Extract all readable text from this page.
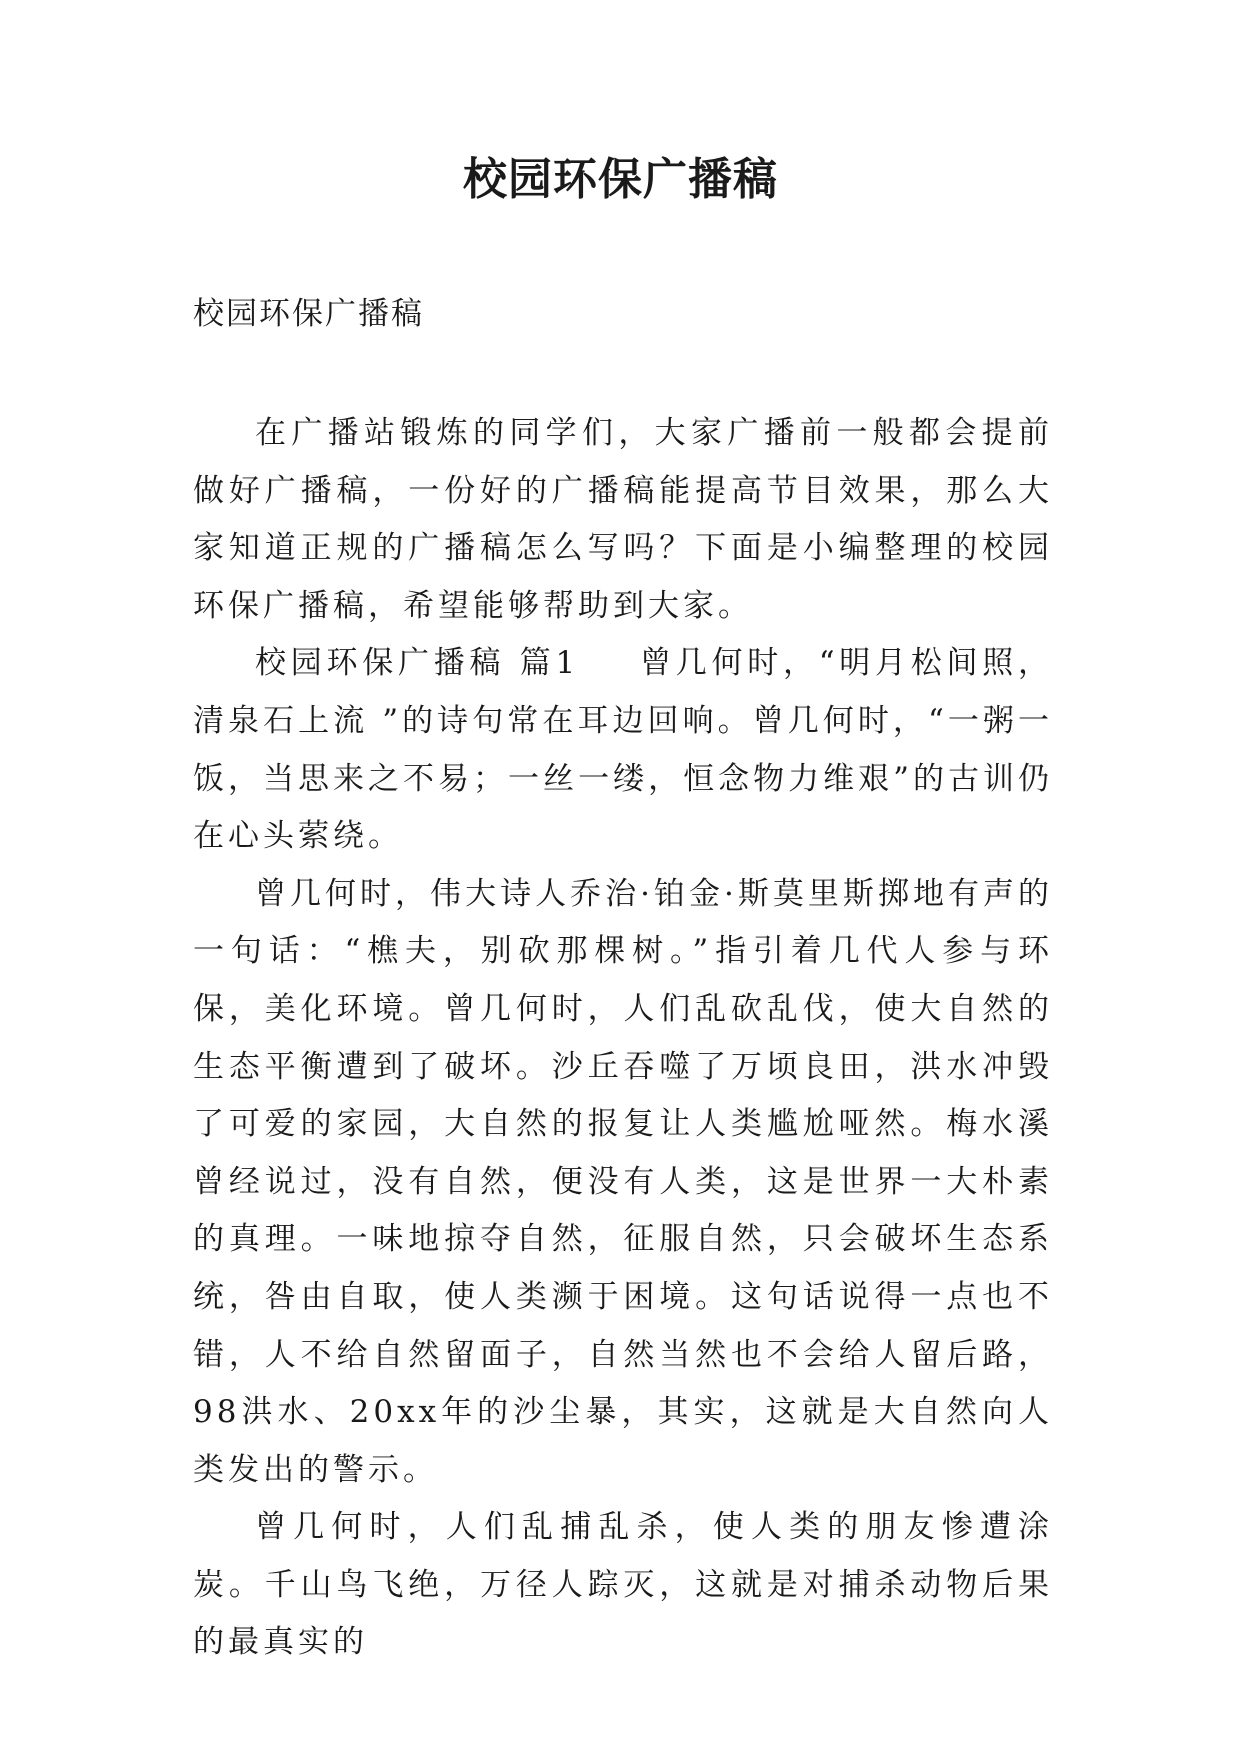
校园环保广播稿
校园环保广播稿

在广播站锻炼的同学们，大家广播前一般都会提前做好广播稿，一份好的广播稿能提高节目效果，那么大家知道正规的广播稿怎么写吗？下面是小编整理的校园环保广播稿，希望能够帮助到大家。

校园环保广播稿 篇1 曾几何时，“明月松间照，清泉石上流 ”的诗句常在耳边回响。曾几何时，“一粥一饭，当思来之不易；一丝一缕，恒念物力维艰”的古训仍在心头萦绕。

曾几何时，伟大诗人乔治·铂金·斯莫里斯掷地有声的一句话：“樵夫，别砍那棵树。”指引着几代人参与环保，美化环境。曾几何时，人们乱砍乱伐，使大自然的生态平衡遭到了破坏。沙丘吞噬了万顷良田，洪水冲毁了可爱的家园，大自然的报复让人类尴尬哑然。梅水溪曾经说过，没有自然，便没有人类，这是世界一大朴素的真理。一味地掠夺自然，征服自然，只会破坏生态系统，咎由自取，使人类濒于困境。这句话说得一点也不错，人不给自然留面子，自然当然也不会给人留后路，98洪水、20xx年的沙尘暴，其实，这就是大自然向人类发出的警示。

曾几何时，人们乱捕乱杀，使人类的朋友惨遭涂炭。千山鸟飞绝，万径人踪灭，这就是对捕杀动物后果的最真实的
